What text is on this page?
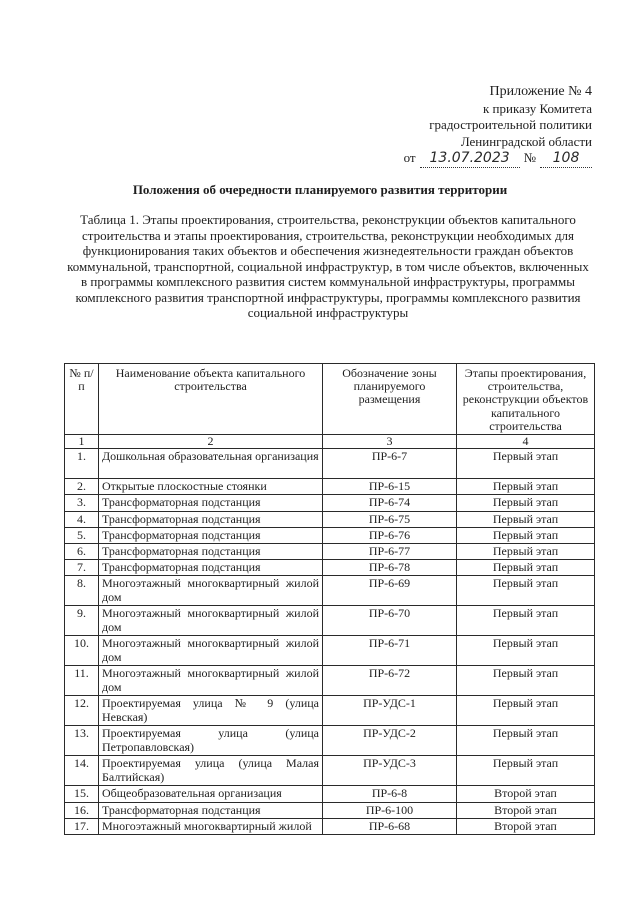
Приложение № 4
к приказу Комитета
градостроительной политики
Ленинградской области
от 13.07.2023	№	108
Положения об очередности планируемого развития территории
Таблица 1. Этапы проектирования, строительства, реконструкции объектов капитального строительства и этапы проектирования, строительства, реконструкции необходимых для функционирования таких объектов и обеспечения жизнедеятельности граждан объектов коммунальной, транспортной, социальной инфраструктур, в том числе объектов, включенных в программы комплексного развития систем коммунальной инфраструктуры, программы комплексного развития транспортной инфраструктуры, программы комплексного развития социальной инфраструктуры
№ п/п	Наименование объекта капитального строительства	Обозначение зоны планируемого размещения	Этапы проектирования, строительства, реконструкции объектов капитального строительства
1	2	3	4
1.	Дошкольная образовательная организация	ПР-6-7	Первый этап
2.	Открытые плоскостные стоянки	ПР-6-15	Первый этап
3.	Трансформаторная подстанция	ПР-6-74	Первый этап
4.	Трансформаторная подстанция	ПР-6-75	Первый этап
5.	Трансформаторная подстанция	ПР-6-76	Первый этап
6.	Трансформаторная подстанция	ПР-6-77	Первый этап
7.	Трансформаторная подстанция	ПР-6-78	Первый этап
8.	Многоэтажный многоквартирный жилой дом	ПР-6-69	Первый этап
9.	Многоэтажный многоквартирный жилой дом	ПР-6-70	Первый этап
10.	Многоэтажный многоквартирный жилой дом	ПР-6-71	Первый этап
11.	Многоэтажный многоквартирный жилой дом	ПР-6-72	Первый этап
12.	Проектируемая улица № 9 (улица Невская)	ПР-УДС-1	Первый этап
13.	Проектируемая улица (улица Петропавловская)	ПР-УДС-2	Первый этап
14.	Проектируемая улица (улица Малая Балтийская)	ПР-УДС-3	Первый этап
15.	Общеобразовательная организация	ПР-6-8	Второй этап
16.	Трансформаторная подстанция	ПР-6-100	Второй этап
17.	Многоэтажный многоквартирный жилой	ПР-6-68	Второй этап
